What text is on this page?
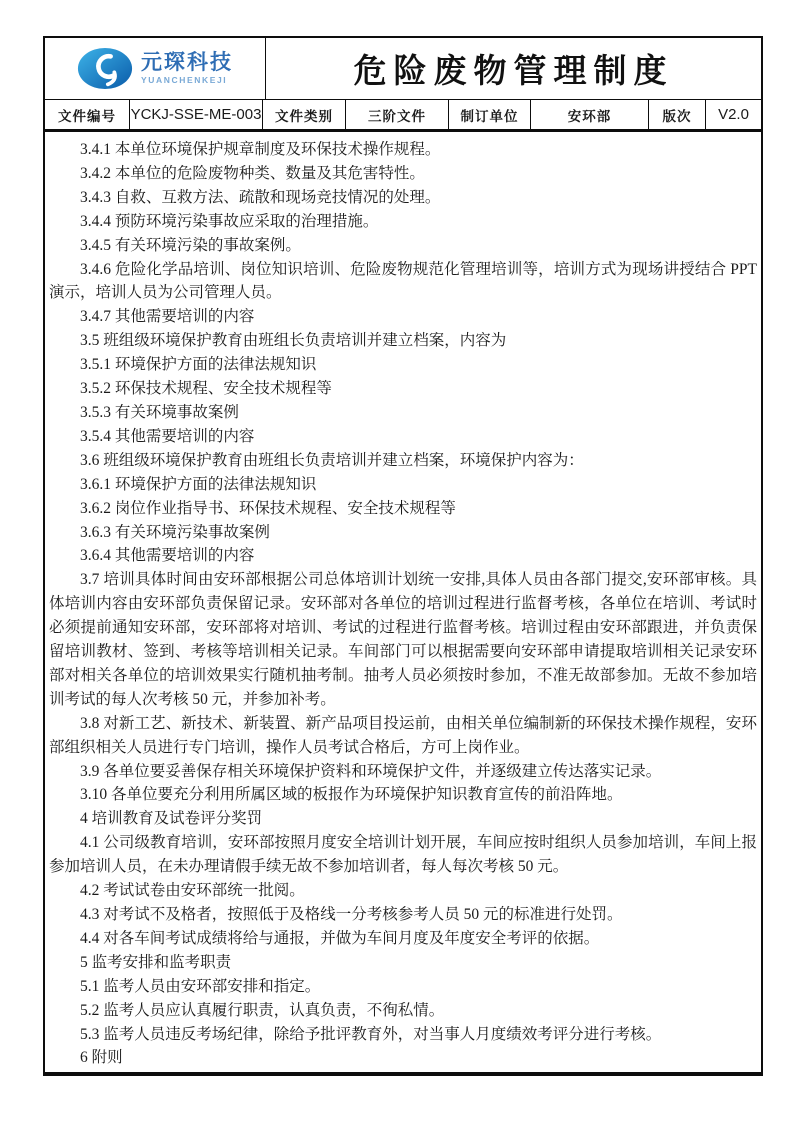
元琛科技
YUANCHENKEJI	危险废物管理制度
文件编号 YCKJ-SSE-ME-003	文件类别	三阶文件	制订单位	安环部	版次	V2.0

3.4.1 本单位环境保护规章制度及环保技术操作规程。

3.4.2 本单位的危险废物种类、数量及其危害特性。

3.4.3 自救、互救方法、疏散和现场竞技情况的处理。

3.4.4 预防环境污染事故应采取的治理措施。

3.4.5 有关环境污染的事故案例。

3.4.6 危险化学品培训、岗位知识培训、危险废物规范化管理培训等，培训方式为现场讲授结合 PPT 演示，培训人员为公司管理人员。

3.4.7 其他需要培训的内容

3.5 班组级环境保护教育由班组长负责培训并建立档案，内容为

3.5.1 环境保护方面的法律法规知识

3.5.2 环保技术规程、安全技术规程等

3.5.3 有关环境事故案例

3.5.4 其他需要培训的内容

3.6 班组级环境保护教育由班组长负责培训并建立档案，环境保护内容为：

3.6.1 环境保护方面的法律法规知识

3.6.2 岗位作业指导书、环保技术规程、安全技术规程等

3.6.3 有关环境污染事故案例

3.6.4 其他需要培训的内容

3.7 培训具体时间由安环部根据公司总体培训计划统一安排,具体人员由各部门提交,安环部审核。具体培训内容由安环部负责保留记录。安环部对各单位的培训过程进行监督考核，各单位在培训、考试时必须提前通知安环部，安环部将对培训、考试的过程进行监督考核。培训过程由安环部跟进，并负责保留培训教材、签到、考核等培训相关记录。车间部门可以根据需要向安环部申请提取培训相关记录安环部对相关各单位的培训效果实行随机抽考制。抽考人员必须按时参加，不准无故部参加。无故不参加培训考试的每人次考核 50 元，并参加补考。

3.8 对新工艺、新技术、新装置、新产品项目投运前，由相关单位编制新的环保技术操作规程，安环部组织相关人员进行专门培训，操作人员考试合格后，方可上岗作业。

3.9 各单位要妥善保存相关环境保护资料和环境保护文件，并逐级建立传达落实记录。

3.10 各单位要充分利用所属区域的板报作为环境保护知识教育宣传的前沿阵地。

4 培训教育及试卷评分奖罚

4.1 公司级教育培训，安环部按照月度安全培训计划开展，车间应按时组织人员参加培训，车间上报参加培训人员，在未办理请假手续无故不参加培训者，每人每次考核 50 元。

4.2 考试试卷由安环部统一批阅。

4.3 对考试不及格者，按照低于及格线一分考核参考人员 50 元的标准进行处罚。

4.4 对各车间考试成绩将给与通报，并做为车间月度及年度安全考评的依据。

5 监考安排和监考职责

5.1 监考人员由安环部安排和指定。

5.2 监考人员应认真履行职责，认真负责，不徇私情。

5.3 监考人员违反考场纪律，除给予批评教育外，对当事人月度绩效考评分进行考核。

6 附则
